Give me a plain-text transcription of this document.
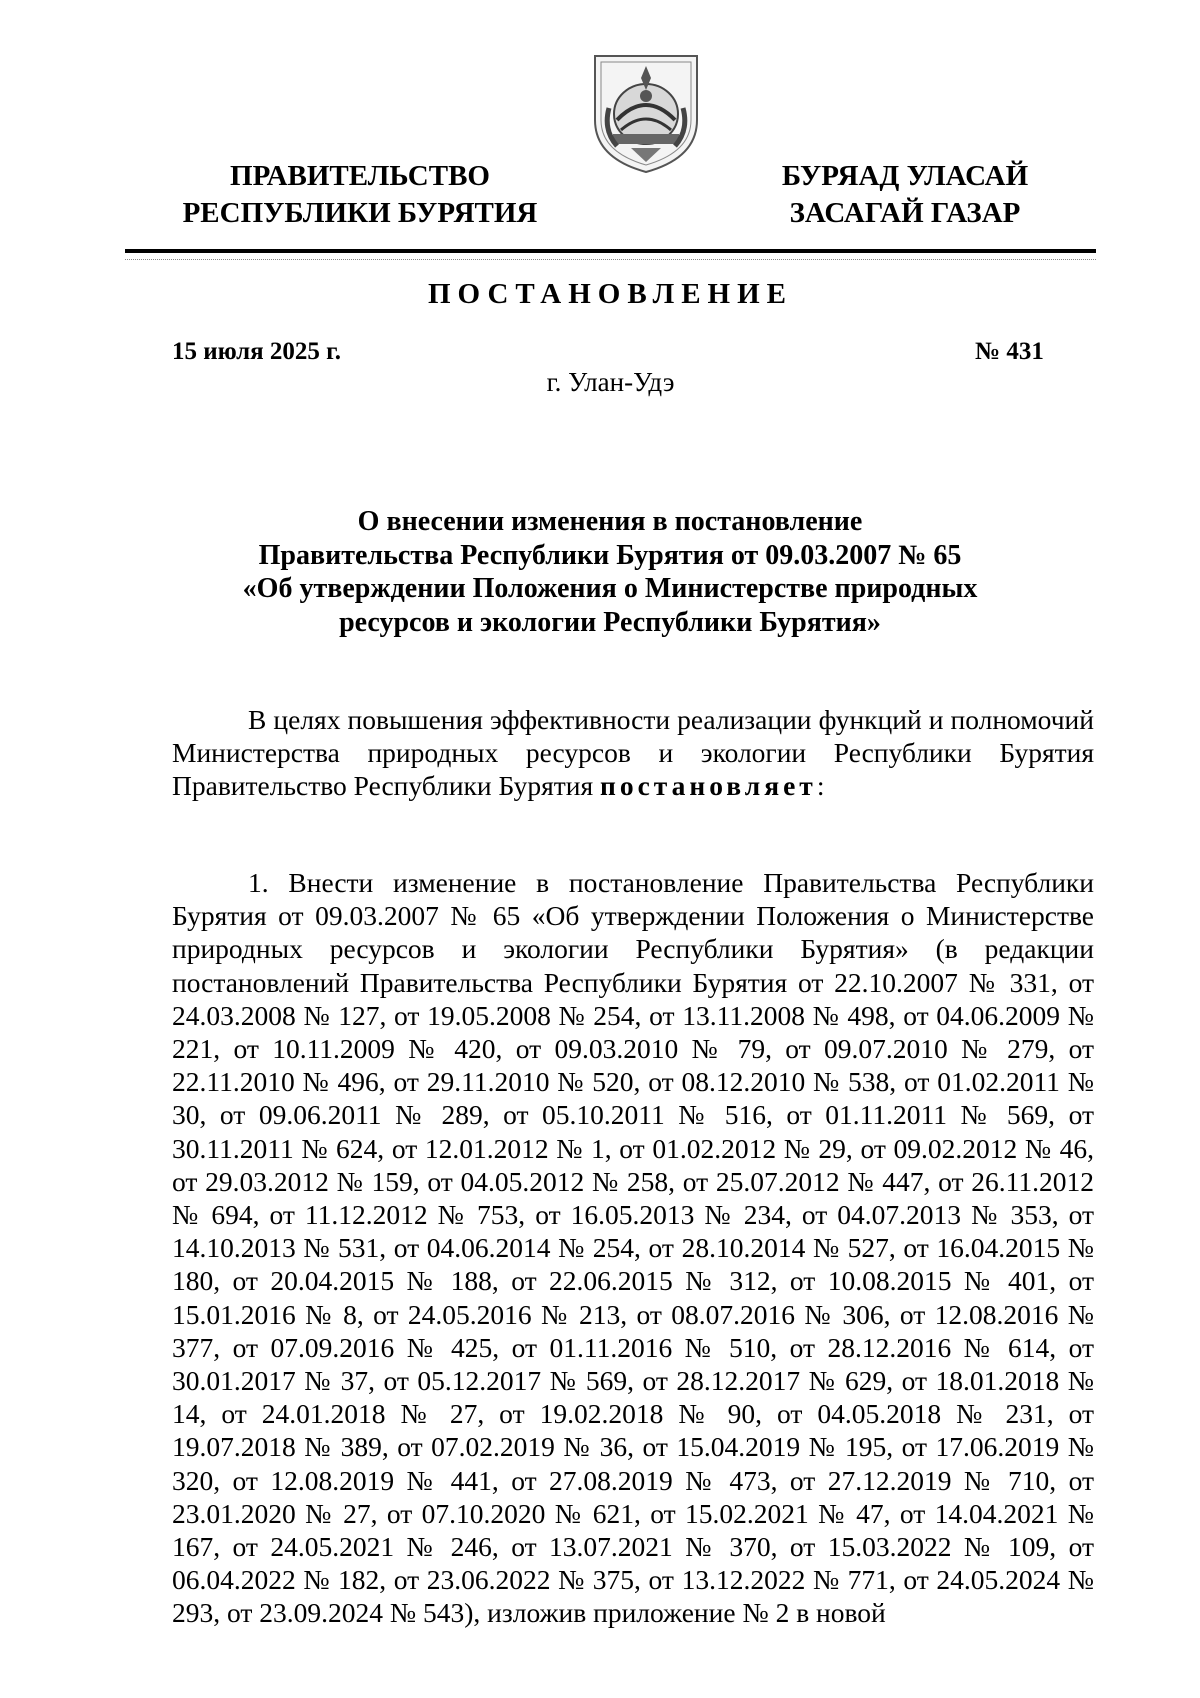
ПРАВИТЕЛЬСТВО
РЕСПУБЛИКИ БУРЯТИЯ
БУРЯАД УЛАСАЙ
ЗАСАГАЙ ГАЗАР
ПОСТАНОВЛЕНИЕ
15 июля 2025 г.	№ 431
г. Улан-Удэ
О внесении изменения в постановление
Правительства Республики Бурятия от 09.03.2007 № 65
«Об утверждении Положения о Министерстве природных
ресурсов и экологии Республики Бурятия»

В целях повышения эффективности реализации функций и полномочий Министерства природных ресурсов и экологии Республики Бурятия Правительство Республики Бурятия постановляет:

1. Внести изменение в постановление Правительства Республики Бурятия от 09.03.2007 № 65 «Об утверждении Положения о Министерстве природных ресурсов и экологии Республики Бурятия» (в редакции постановлений Правительства Республики Бурятия от 22.10.2007 № 331, от 24.03.2008 № 127, от 19.05.2008 № 254, от 13.11.2008 № 498, от 04.06.2009 № 221, от 10.11.2009 № 420, от 09.03.2010 № 79, от 09.07.2010 № 279, от 22.11.2010 № 496, от 29.11.2010 № 520, от 08.12.2010 № 538, от 01.02.2011 № 30, от 09.06.2011 № 289, от 05.10.2011 № 516, от 01.11.2011 № 569, от 30.11.2011 № 624, от 12.01.2012 № 1, от 01.02.2012 № 29, от 09.02.2012 № 46, от 29.03.2012 № 159, от 04.05.2012 № 258, от 25.07.2012 № 447, от 26.11.2012 № 694, от 11.12.2012 № 753, от 16.05.2013 № 234, от 04.07.2013 № 353, от 14.10.2013 № 531, от 04.06.2014 № 254, от 28.10.2014 № 527, от 16.04.2015 № 180, от 20.04.2015 № 188, от 22.06.2015 № 312, от 10.08.2015 № 401, от 15.01.2016 № 8, от 24.05.2016 № 213, от 08.07.2016 № 306, от 12.08.2016 № 377, от 07.09.2016 № 425, от 01.11.2016 № 510, от 28.12.2016 № 614, от 30.01.2017 № 37, от 05.12.2017 № 569, от 28.12.2017 № 629, от 18.01.2018 № 14, от 24.01.2018 № 27, от 19.02.2018 № 90, от 04.05.2018 № 231, от 19.07.2018 № 389, от 07.02.2019 № 36, от 15.04.2019 № 195, от 17.06.2019 № 320, от 12.08.2019 № 441, от 27.08.2019 № 473, от 27.12.2019 № 710, от 23.01.2020 № 27, от 07.10.2020 № 621, от 15.02.2021 № 47, от 14.04.2021 № 167, от 24.05.2021 № 246, от 13.07.2021 № 370, от 15.03.2022 № 109, от 06.04.2022 № 182, от 23.06.2022 № 375, от 13.12.2022 № 771, от 24.05.2024 № 293, от 23.09.2024 № 543), изложив приложение № 2 в новой
